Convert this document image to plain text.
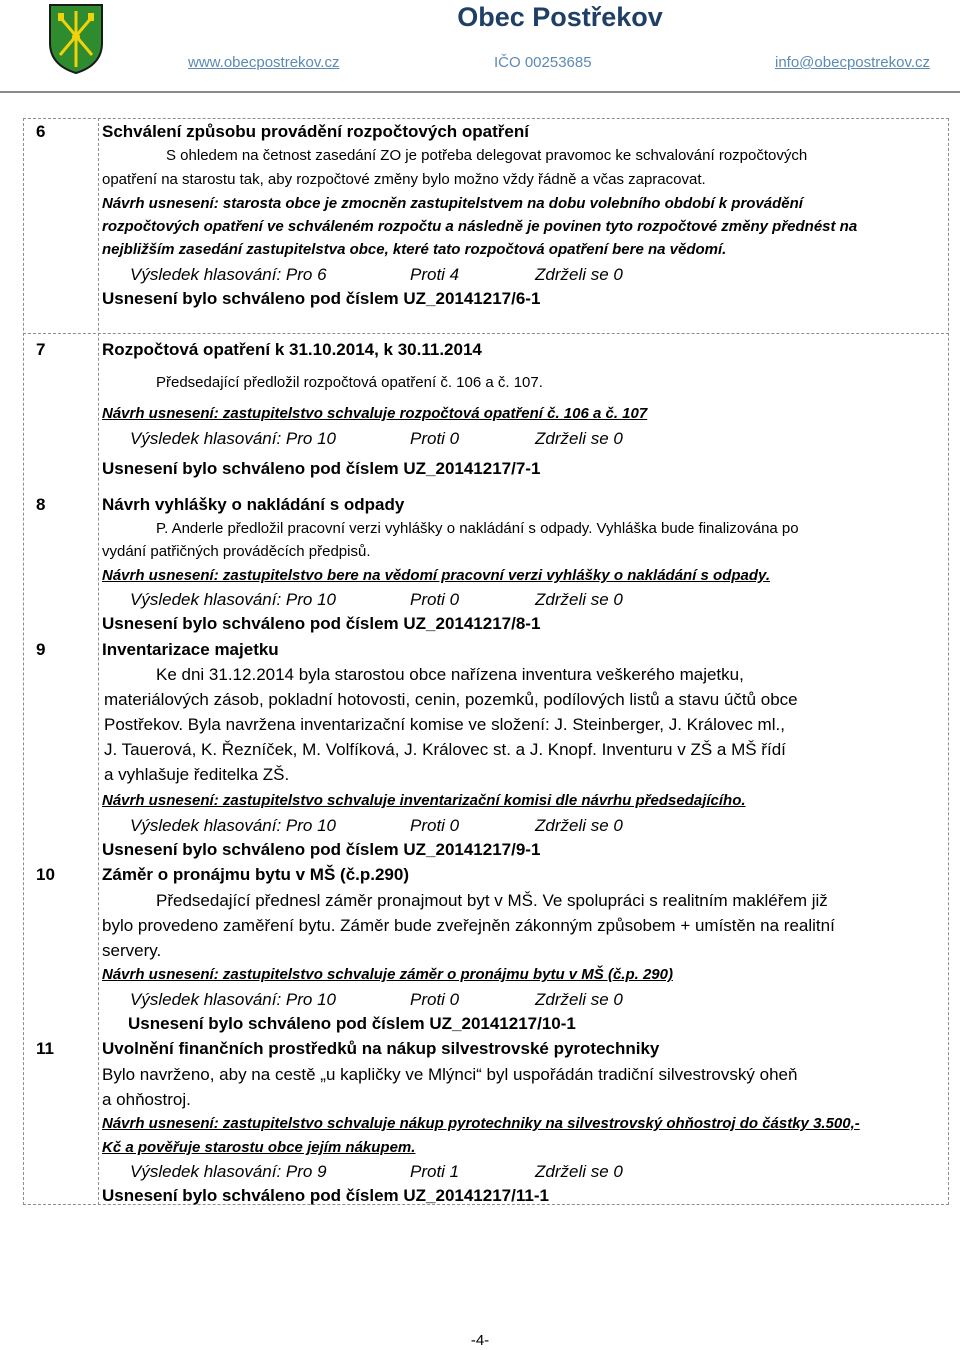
Obec Postřekov
www.obecpostrekov.cz	IČO 00253685	info@obecpostrekov.cz
6	Schválení způsobu provádění rozpočtových opatření
S ohledem na četnost zasedání ZO je potřeba delegovat pravomoc ke schvalování rozpočtových
opatření na starostu tak, aby rozpočtové změny bylo možno vždy řádně a včas zapracovat.
Návrh usnesení: starosta obce je zmocněn zastupitelstvem na dobu volebního období k provádění
rozpočtových opatření ve schváleném rozpočtu a následně je povinen tyto rozpočtové změny přednést na
nejbližším zasedání zastupitelstva obce, které tato rozpočtová opatření bere na vědomí.
Výsledek hlasování: Pro 6	Proti 4	Zdrželi se 0
Usnesení bylo schváleno pod číslem UZ_20141217/6-1
7	Rozpočtová opatření k 31.10.2014, k 30.11.2014
Předsedající předložil rozpočtová opatření č. 106 a č. 107.
Návrh usnesení: zastupitelstvo schvaluje rozpočtová opatření č. 106 a č. 107
Výsledek hlasování: Pro 10	Proti 0	Zdrželi se 0
Usnesení bylo schváleno pod číslem UZ_20141217/7-1
8	Návrh vyhlášky o nakládání s odpady
P. Anderle předložil pracovní verzi vyhlášky o nakládání s odpady. Vyhláška bude finalizována po
vydání patřičných prováděcích předpisů.
Návrh usnesení: zastupitelstvo bere na vědomí pracovní verzi vyhlášky o nakládání s odpady.
Výsledek hlasování: Pro 10	Proti 0	Zdrželi se 0
Usnesení bylo schváleno pod číslem UZ_20141217/8-1
9	Inventarizace majetku
Ke dni 31.12.2014 byla starostou obce nařízena inventura veškerého majetku,
materiálových zásob, pokladní hotovosti, cenin, pozemků, podílových listů a stavu účtů obce
Postřekov. Byla navržena inventarizační komise ve složení: J. Steinberger, J. Královec ml.,
J. Tauerová, K. Řezníček, M. Volfíková, J. Královec st. a J. Knopf. Inventuru v ZŠ a MŠ řídí
a vyhlašuje ředitelka ZŠ.
Návrh usnesení: zastupitelstvo schvaluje inventarizační komisi dle návrhu předsedajícího.
Výsledek hlasování: Pro 10	Proti 0	Zdrželi se 0
Usnesení bylo schváleno pod číslem UZ_20141217/9-1
10	Záměr o pronájmu bytu v MŠ (č.p.290)
Předsedající přednesl záměr pronajmout byt v MŠ. Ve spolupráci s realitním makléřem již
bylo provedeno zaměření bytu. Záměr bude zveřejněn zákonným způsobem + umístěn na realitní
servery.
Návrh usnesení: zastupitelstvo schvaluje záměr o pronájmu bytu v MŠ (č.p. 290)
Výsledek hlasování: Pro 10	Proti 0	Zdrželi se 0
Usnesení bylo schváleno pod číslem UZ_20141217/10-1
11	Uvolnění finančních prostředků na nákup silvestrovské pyrotechniky
Bylo navrženo, aby na cestě „u kapličky ve Mlýnci“ byl uspořádán tradiční silvestrovský oheň
a ohňostroj.
Návrh usnesení: zastupitelstvo schvaluje nákup pyrotechniky na silvestrovský ohňostroj do částky 3.500,-
Kč a pověřuje starostu obce jejím nákupem.
Výsledek hlasování: Pro 9	Proti 1	Zdrželi se 0
Usnesení bylo schváleno pod číslem UZ_20141217/11-1
-4-
